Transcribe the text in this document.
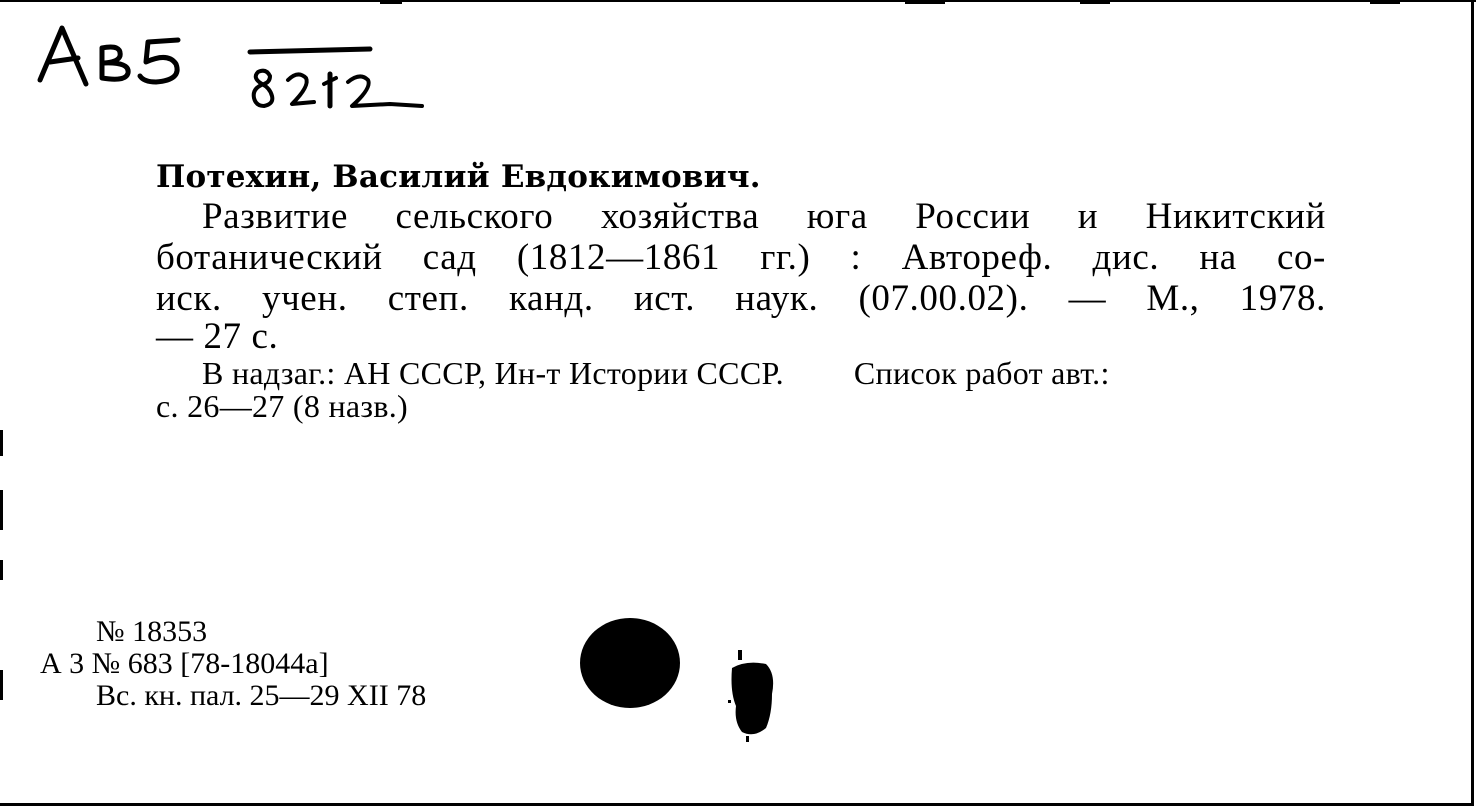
Потехин, Василий Евдокимович.
Развитие сельского хозяйства юга России и Никитский
ботанический сад (1812—1861 гг.) : Автореф. дис. на со-
иск. учен. степ. канд. ист. наук. (07.00.02). — М., 1978.
— 27 с.
В надзаг.: АН СССР, Ин-т Истории СССР. Список работ авт.:
с. 26—27 (8 назв.)
№ 18353
А 3 № 683 [78-18044а]
Вс. кн. пал. 25—29 XII 78
